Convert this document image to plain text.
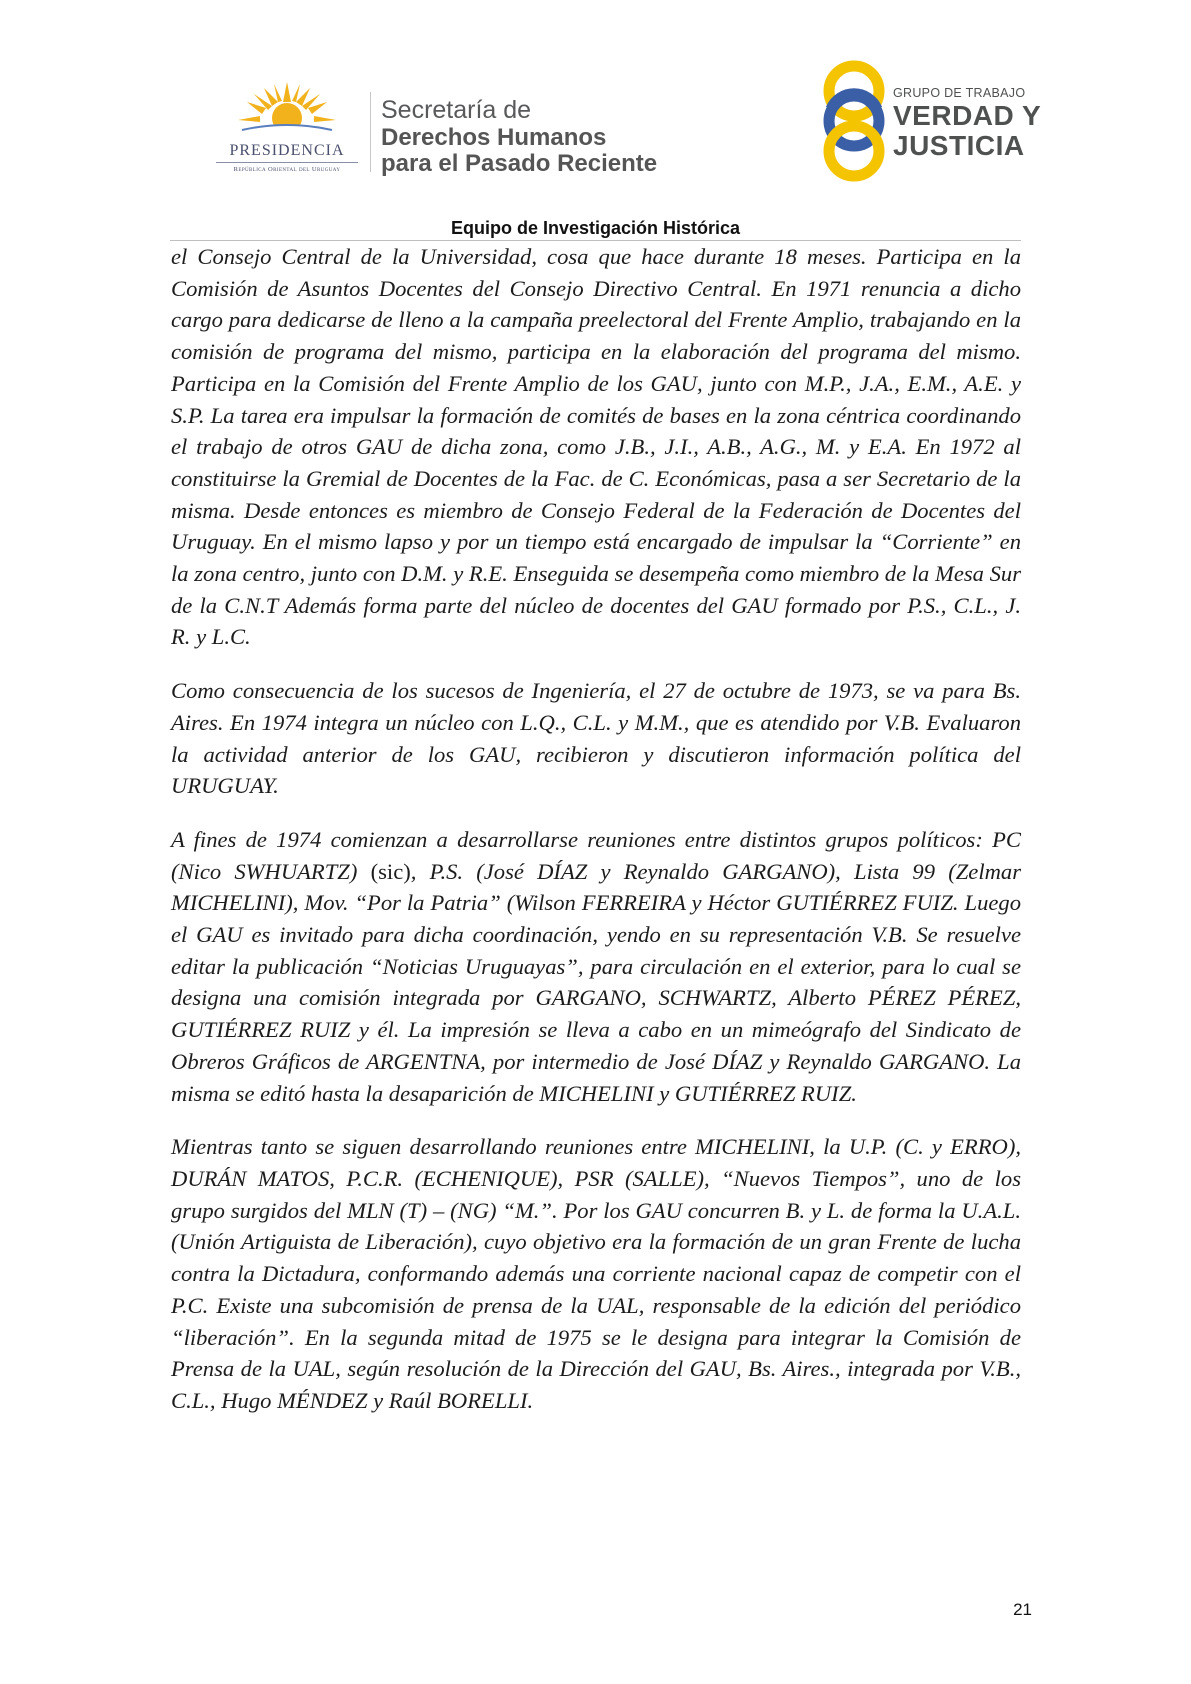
PRESIDENCIA
República Oriental del Uruguay
Secretaría de
Derechos Humanos
para el Pasado Reciente
GRUPO DE TRABAJO
VERDAD Y
JUSTICIA
Equipo de Investigación Histórica

el Consejo Central de la Universidad, cosa que hace durante 18 meses. Participa en la Comisión de Asuntos Docentes del Consejo Directivo Central. En 1971 renuncia a dicho cargo para dedicarse de lleno a la campaña preelectoral del Frente Amplio, trabajando en la comisión de programa del mismo, participa en la elaboración del programa del mismo. Participa en la Comisión del Frente Amplio de los GAU, junto con M.P., J.A., E.M., A.E. y S.P. La tarea era impulsar la formación de comités de bases en la zona céntrica coordinando el trabajo de otros GAU de dicha zona, como J.B., J.I., A.B., A.G., M. y E.A. En 1972 al constituirse la Gremial de Docentes de la Fac. de C. Económicas, pasa a ser Secretario de la misma. Desde entonces es miembro de Consejo Federal de la Federación de Docentes del Uruguay. En el mismo lapso y por un tiempo está encargado de impulsar la “Corriente” en la zona centro, junto con D.M. y R.E. Enseguida se desempeña como miembro de la Mesa Sur de la C.N.T Además forma parte del núcleo de docentes del GAU formado por P.S., C.L., J. R. y L.C.

Como consecuencia de los sucesos de Ingeniería, el 27 de octubre de 1973, se va para Bs. Aires. En 1974 integra un núcleo con L.Q., C.L. y M.M., que es atendido por V.B. Evaluaron la actividad anterior de los GAU, recibieron y discutieron información política del URUGUAY.

A fines de 1974 comienzan a desarrollarse reuniones entre distintos grupos políticos: PC (Nico SWHUARTZ) (sic), P.S. (José DÍAZ y Reynaldo GARGANO), Lista 99 (Zelmar MICHELINI), Mov. “Por la Patria” (Wilson FERREIRA y Héctor GUTIÉRREZ FUIZ. Luego el GAU es invitado para dicha coordinación, yendo en su representación V.B. Se resuelve editar la publicación “Noticias Uruguayas”, para circulación en el exterior, para lo cual se designa una comisión integrada por GARGANO, SCHWARTZ, Alberto PÉREZ PÉREZ, GUTIÉRREZ RUIZ y él. La impresión se lleva a cabo en un mimeógrafo del Sindicato de Obreros Gráficos de ARGENTNA, por intermedio de José DÍAZ y Reynaldo GARGANO. La misma se editó hasta la desaparición de MICHELINI y GUTIÉRREZ RUIZ.

Mientras tanto se siguen desarrollando reuniones entre MICHELINI, la U.P. (C. y ERRO), DURÁN MATOS, P.C.R. (ECHENIQUE), PSR (SALLE), “Nuevos Tiempos”, uno de los grupo surgidos del MLN (T) – (NG) “M.”. Por los GAU concurren B. y L. de forma la U.A.L. (Unión Artiguista de Liberación), cuyo objetivo era la formación de un gran Frente de lucha contra la Dictadura, conformando además una corriente nacional capaz de competir con el P.C. Existe una subcomisión de prensa de la UAL, responsable de la edición del periódico “liberación”. En la segunda mitad de 1975 se le designa para integrar la Comisión de Prensa de la UAL, según resolución de la Dirección del GAU, Bs. Aires., integrada por V.B., C.L., Hugo MÉNDEZ y Raúl BORELLI.

21
